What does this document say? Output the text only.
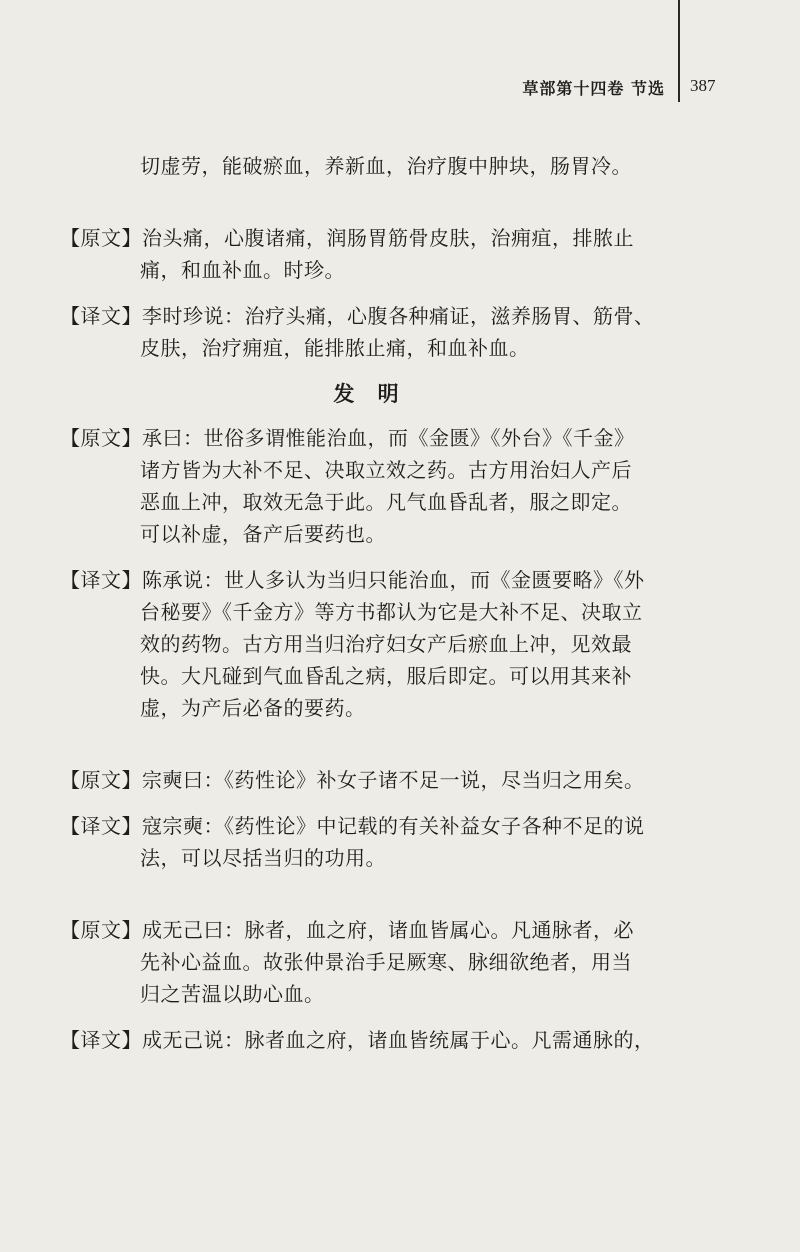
草部第十四卷 节选 387
切虚劳，能破瘀血，养新血，治疗腹中肿块，肠胃冷。
【原文】治头痛，心腹诸痛，润肠胃筋骨皮肤，治痈疽，排脓止
痛，和血补血。时珍。
【译文】李时珍说：治疗头痛，心腹各种痛证，滋养肠胃、筋骨、
皮肤，治疗痈疽，能排脓止痛，和血补血。
发 明
【原文】承曰：世俗多谓惟能治血，而《金匮》《外台》《千金》
诸方皆为大补不足、决取立效之药。古方用治妇人产后
恶血上冲，取效无急于此。凡气血昏乱者，服之即定。
可以补虚，备产后要药也。
【译文】陈承说：世人多认为当归只能治血，而《金匮要略》《外
台秘要》《千金方》等方书都认为它是大补不足、决取立
效的药物。古方用当归治疗妇女产后瘀血上冲，见效最
快。大凡碰到气血昏乱之病，服后即定。可以用其来补
虚，为产后必备的要药。
【原文】宗奭曰：《药性论》补女子诸不足一说，尽当归之用矣。
【译文】寇宗奭：《药性论》中记载的有关补益女子各种不足的说
法，可以尽括当归的功用。
【原文】成无己曰：脉者，血之府，诸血皆属心。凡通脉者，必
先补心益血。故张仲景治手足厥寒、脉细欲绝者，用当
归之苦温以助心血。
【译文】成无己说：脉者血之府，诸血皆统属于心。凡需通脉的，
